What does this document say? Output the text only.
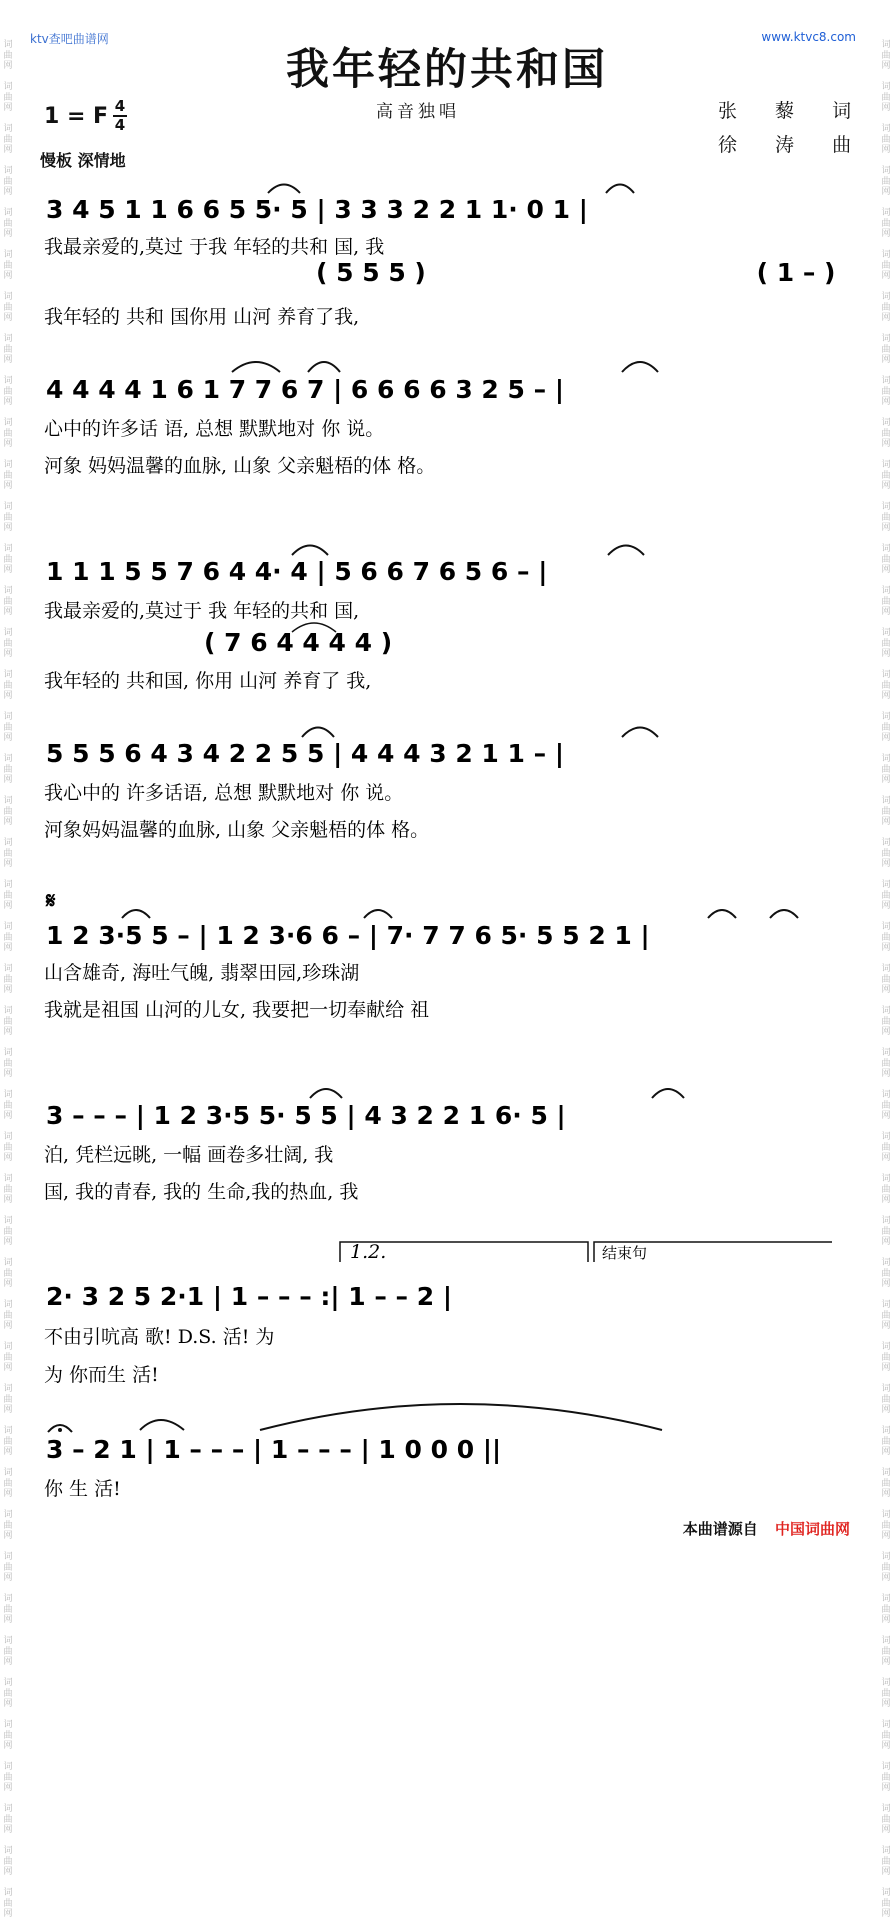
词
曲
网

词
曲
网

词
曲
网

词
曲
网

词
曲
网

词
曲
网

词
曲
网

词
曲
网

词
曲
网

词
曲
网

词
曲
网

词
曲
网

词
曲
网

词
曲
网

词
曲
网

词
曲
网

词
曲
网

词
曲
网

词
曲
网

词
曲
网

词
曲
网

词
曲
网

词
曲
网

词
曲
网

词
曲
网

词
曲
网

词
曲
网

词
曲
网

词
曲
网

词
曲
网

词
曲
网

词
曲
网

词
曲
网

词
曲
网

词
曲
网

词
曲
网

词
曲
网

词
曲
网

词
曲
网

词
曲
网

词
曲
网

词
曲
网

词
曲
网

词
曲
网

词
曲
网

词
曲
网

词
曲
网

词
曲
网

词
曲
网

词
曲
网

词
曲
网

词
曲
网

词
曲
网

词
曲
网

词
曲
网

词
曲
网

词
曲
网

词
曲
网

词
曲
网

词
曲
网

词
曲
网

词
曲
网

词
曲
网

词
曲
网

词
曲
网

词
曲
网

词
曲
网

词
曲
网

词
曲
网

词
曲
网

词
曲
网

词
曲
网

词
曲
网

词
曲
网

词
曲
网

词
曲
网

词
曲
网

词
曲
网

词
曲
网

词
曲
网

词
曲
网

词
曲
网

词
曲
网

词
曲
网

词
曲
网

词
曲
网

词
曲
网

词
曲
网

词
曲
网

词
曲
网

ktv查吧曲谱网	www.ktvc8.com
我年轻的共和国
高音独唱	张 藜 词
徐 涛 曲
1 = F 4
4
慢板 深情地
3 4 5 1 1 6 6 5 5· 5 | 3 3 3 2 2 1 1· 0 1 |
我最亲爱的,莫过 于我 年轻的共和 国, 我
( 5 5 5 )                                      ( 1 – )
我年轻的 共和 国你用 山河 养育了我,
4 4 4 4 1 6 1 7 7 6 7 | 6 6 6 6 3 2 5 – |
心中的许多话 语, 总想 默默地对 你 说。
河象 妈妈温馨的血脉, 山象 父亲魁梧的体 格。
1 1 1 5 5 7 6 4 4· 4 | 5 6 6 7 6 5 6 – |
我最亲爱的,莫过于 我 年轻的共和 国,
( 7 6 4 4 4 4 )
我年轻的 共和国, 你用 山河 养育了 我,
5 5 5 6 4 3 4 2 2 5 5 | 4 4 4 3 2 1 1 – |
我心中的 许多话语, 总想 默默地对 你 说。
河象妈妈温馨的血脉, 山象 父亲魁梧的体 格。
𝄋
1 2 3·5 5 – | 1 2 3·6 6 – | 7· 7 7 6 5· 5 5 2 1 |
山含雄奇, 海吐气魄, 翡翠田园,珍珠湖
我就是祖国 山河的儿女, 我要把一切奉献给 祖
3 – – – | 1 2 3·5 5· 5 5 | 4 3 2 2 1 6· 5 |
泊, 凭栏远眺, 一幅 画卷多壮阔, 我
国, 我的青春, 我的 生命,我的热血, 我
1.2.	结束句
2· 3 2 5 2·1 | 1 – – – :| 1 – – 2 |
不由引吭高 歌! D.S. 活! 为
为 你而生 活!
3 – 2 1 | 1 – – – | 1 – – – | 1 0 0 0 ||
你 生 活!
本曲谱源自 中国词曲网
